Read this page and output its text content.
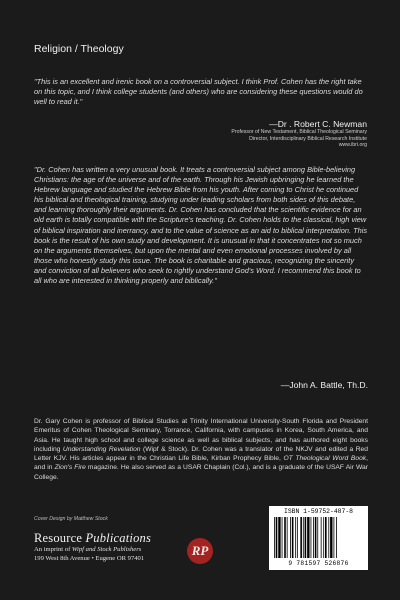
Religion / Theology
"This is an excellent and irenic book on a controversial subject. I think Prof. Cohen has the right take on this topic, and I think college students (and others) who are considering these questions would do well to read it."
—Dr . Robert C. Newman
Professor of New Testament, Biblical Theological Seminary
Director, Interdisciplinary Biblical Research Institute
www.ibri.org
"Dr. Cohen has written a very unusual book. It treats a controversial subject among Bible-believing Christians: the age of the universe and of the earth. Through his Jewish upbringing he learned the Hebrew language and studied the Hebrew Bible from his youth. After coming to Christ he continued his biblical and theological training, studying under leading scholars from both sides of this debate, and learning thoroughly their arguments. Dr. Cohen has concluded that the scientific evidence for an old earth is totally compatible with the Scripture's teaching. Dr. Cohen holds to the classical, high view of biblical inspiration and inerrancy, and to the value of science as an aid to biblical interpretation. This book is the result of his own study and development. It is unusual in that it concentrates not so much on the arguments themselves, but upon the mental and even emotional processes involved by all those who honestly study this issue. The book is charitable and gracious, recognizing the sincerity and conviction of all believers who seek to rightly understand God's Word. I recommend this book to all who are interested in thinking properly and biblically."
—John A. Battle, Th.D.
Dr. Gary Cohen is professor of Biblical Studies at Trinity International University-South Florida and President Emeritus of Cohen Theological Seminary, Torrance, California, with campuses in Korea, South America, and Asia. He taught high school and college science as well as biblical subjects, and has authored eight books including Understanding Revelation (Wipf & Stock). Dr. Cohen was a translator of the NKJV and edited a Red Letter KJV. His articles appear in the Christian Life Bible, Kirban Prophecy Bible, OT Theological Word Book, and in Zion's Fire magazine. He also served as a USAR Chaplain (Col.), and is a graduate of the USAF Air War College.
Cover Design by Matthew Stock
Resource Publications
An imprint of Wipf and Stock Publishers
199 West 8th Avenue • Eugene OR 97401	RP
ISBN 1-59752-487-8
9 781597 526876
